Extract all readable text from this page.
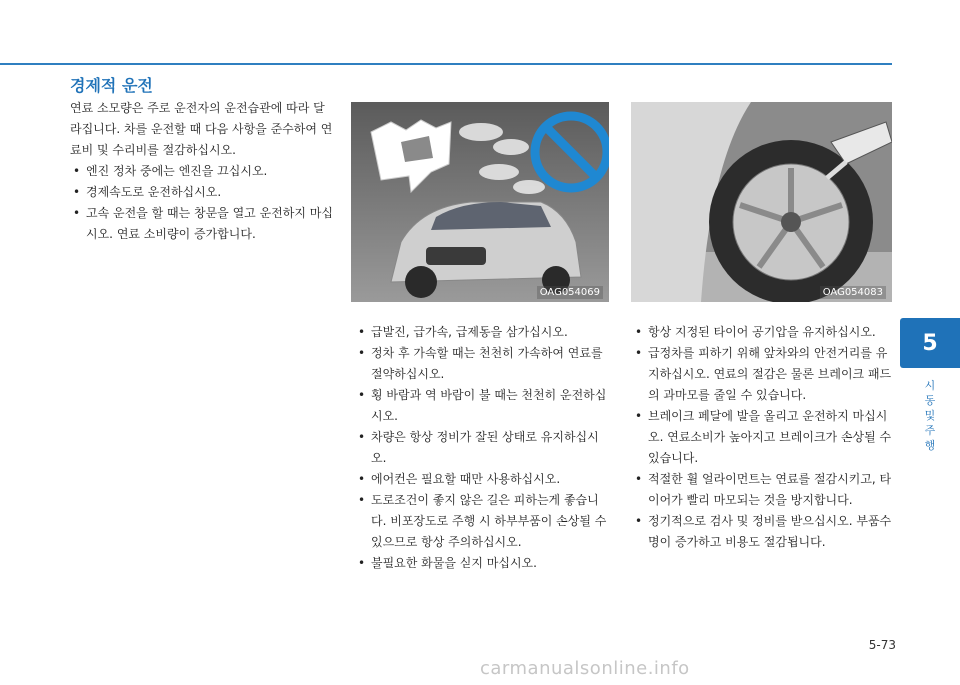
경제적 운전

연료 소모량은 주로 운전자의 운전습관에 따라 달라집니다. 차를 운전할 때 다음 사항을 준수하여 연료비 및 수리비를 절감하십시오.

• 엔진 정차 중에는 엔진을 끄십시오.
• 경제속도로 운전하십시오.
• 고속 운전을 할 때는 창문을 열고 운전하지 마십시오. 연료 소비량이 증가합니다.
OAG054069	OAG054083
• 급발진, 급가속, 급제동을 삼가십시오.
• 정차 후 가속할 때는 천천히 가속하여 연료를 절약하십시오.
• 횡 바람과 역 바람이 불 때는 천천히 운전하십시오.
• 차량은 항상 정비가 잘된 상태로 유지하십시오.
• 에어컨은 필요할 때만 사용하십시오.
• 도로조건이 좋지 않은 길은 피하는게 좋습니다. 비포장도로 주행 시 하부부품이 손상될 수 있으므로 항상 주의하십시오.
• 불필요한 화물을 싣지 마십시오.
• 항상 지정된 타이어 공기압을 유지하십시오.
• 급정차를 피하기 위해 앞차와의 안전거리를 유지하십시오. 연료의 절감은 물론 브레이크 패드의 과마모를 줄일 수 있습니다.
• 브레이크 페달에 발을 올리고 운전하지 마십시오. 연료소비가 높아지고 브레이크가 손상될 수 있습니다.
• 적절한 휠 얼라이먼트는 연료를 절감시키고, 타이어가 빨리 마모되는 것을 방지합니다.
• 정기적으로 검사 및 정비를 받으십시오. 부품수명이 증가하고 비용도 절감됩니다.
5
시동 및 주행
5-73
carmanualsonline.info
